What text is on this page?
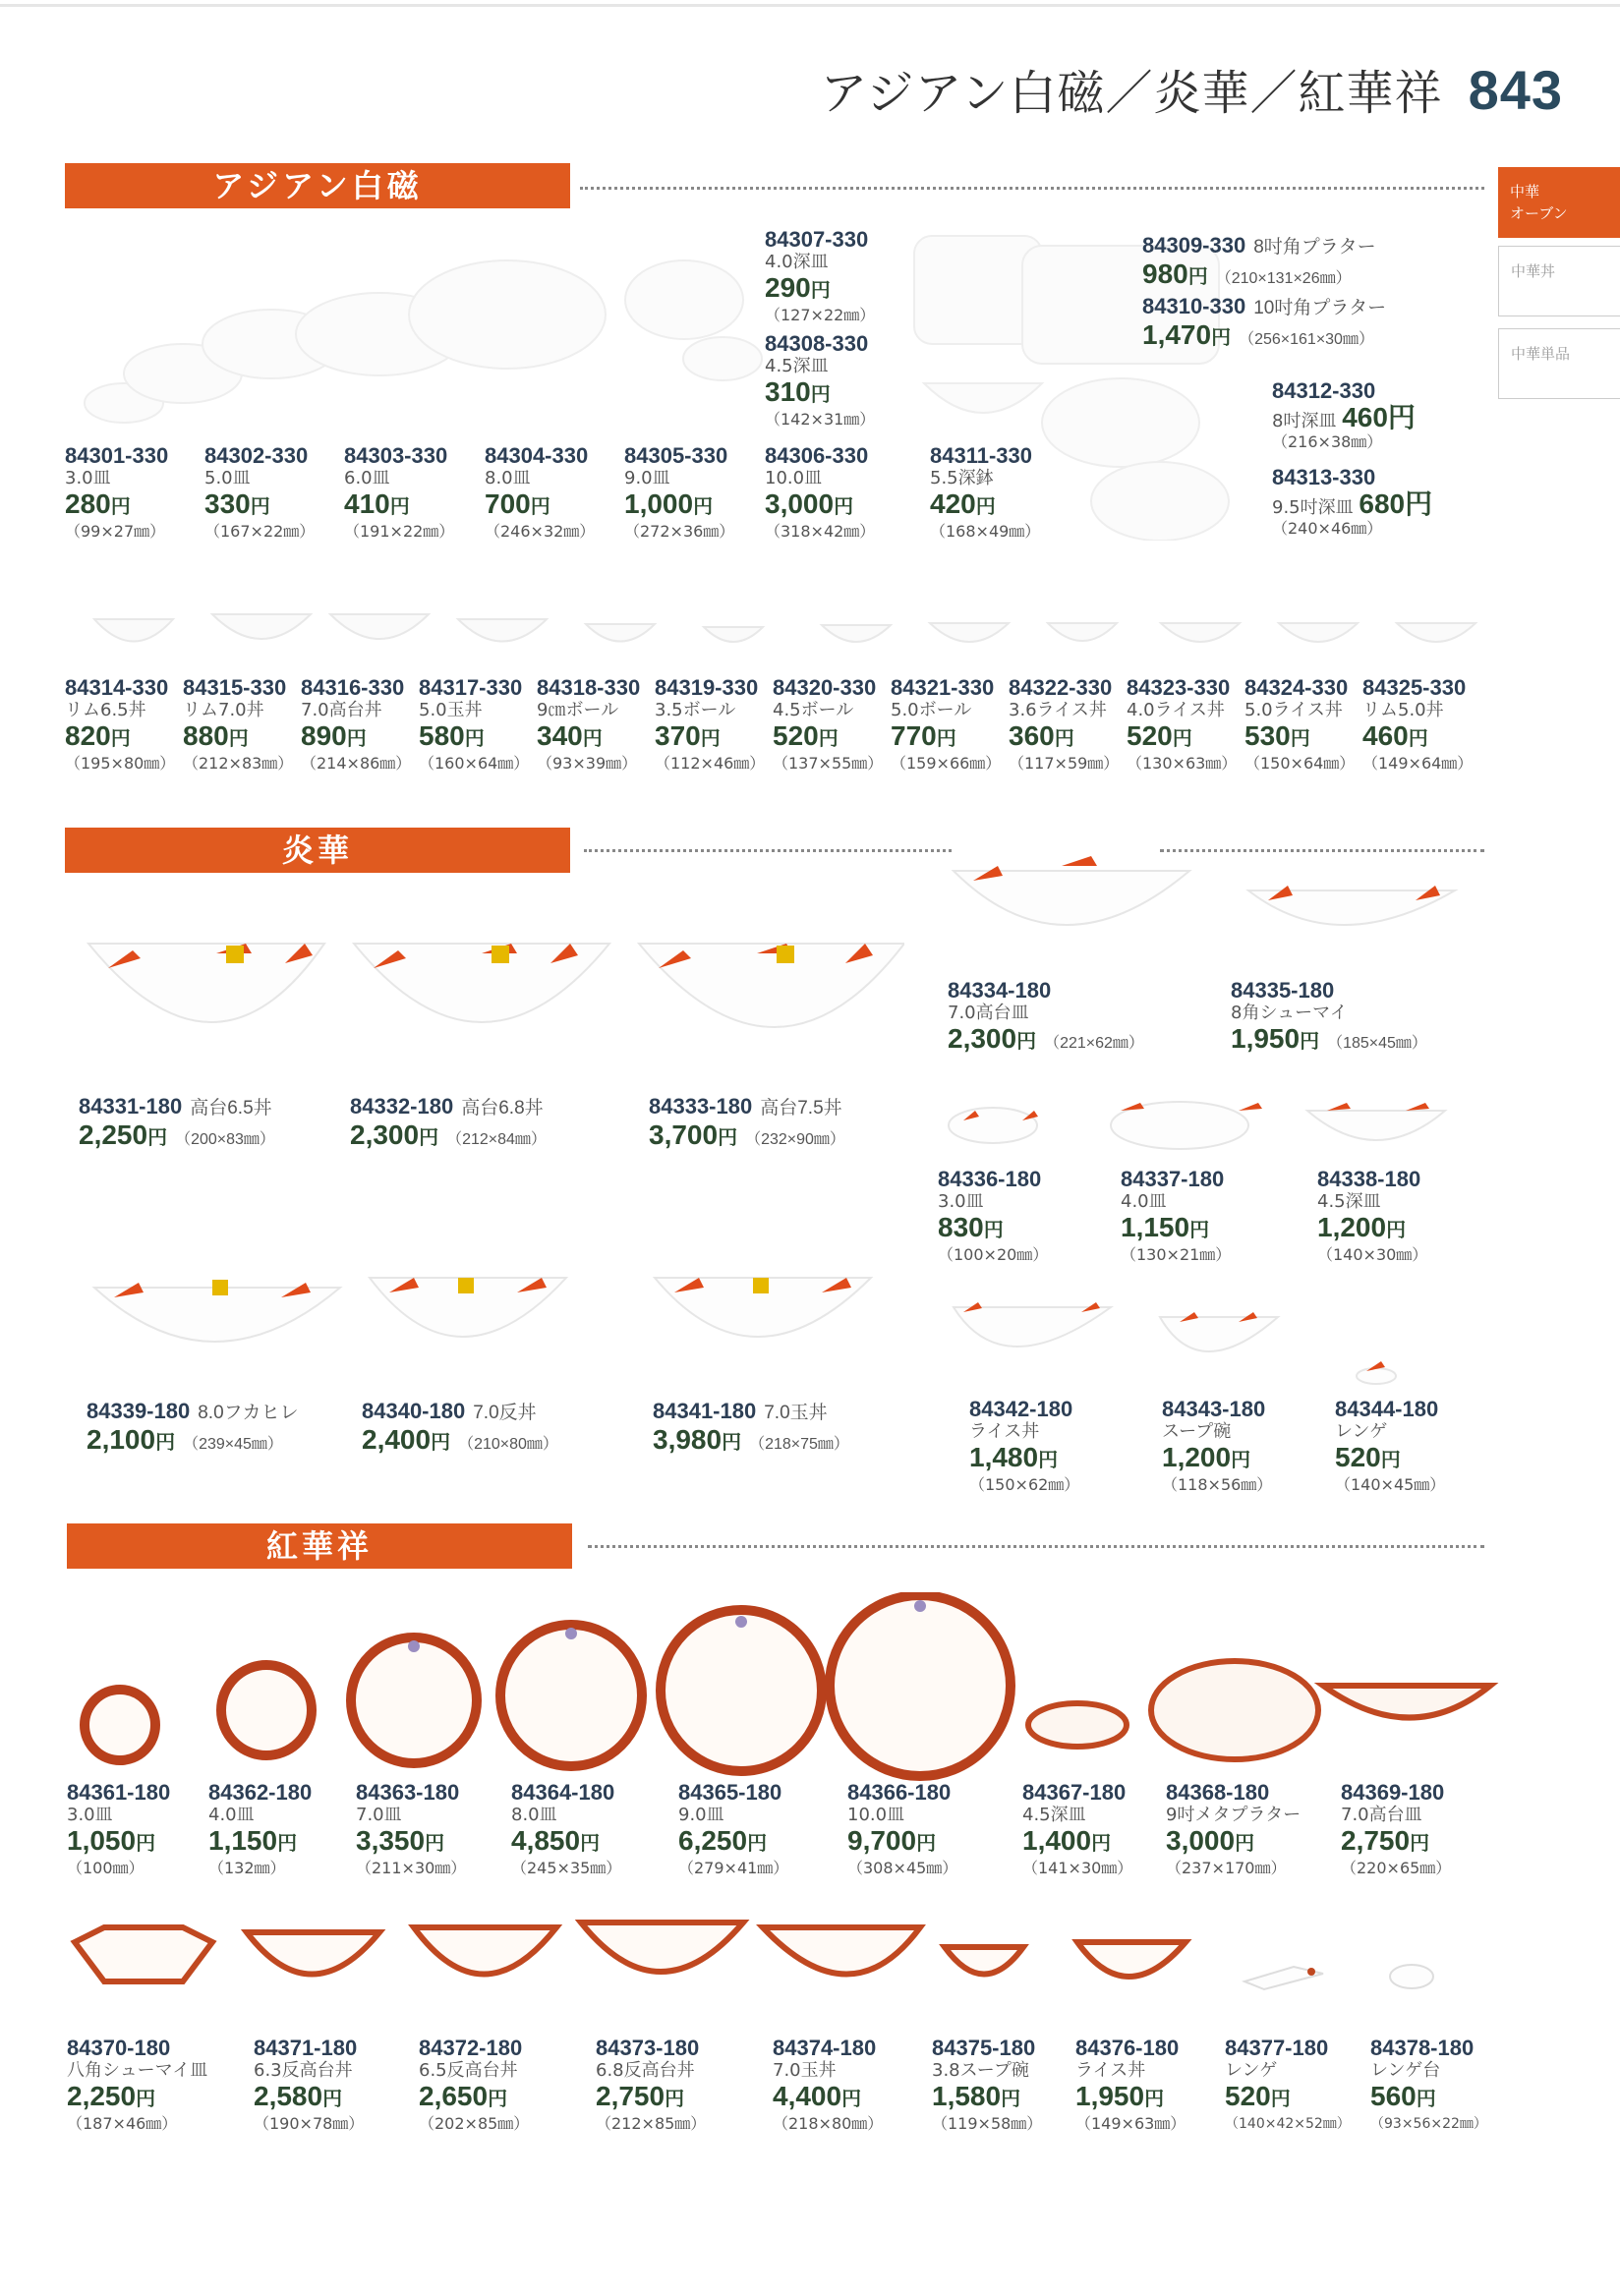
アジアン白磁／炎華／紅華祥 843
中華
オーブン
中華丼
中華単品
アジアン白磁
84301-330
3.0皿
280円
（99×27㎜）
84302-330
5.0皿
330円
（167×22㎜）
84303-330
6.0皿
410円
（191×22㎜）
84304-330
8.0皿
700円
（246×32㎜）
84305-330
9.0皿
1,000円
（272×36㎜）
84306-330
10.0皿
3,000円
（318×42㎜）
84307-330
4.0深皿
290円
（127×22㎜）
84308-330
4.5深皿
310円
（142×31㎜）
84311-330
5.5深鉢
420円
（168×49㎜）
84309-330 8吋角プラター
980円 （210×131×26㎜）
84310-330 10吋角プラター
1,470円 （256×161×30㎜）
84312-330
8吋深皿 460円
（216×38㎜）
84313-330
9.5吋深皿 680円
（240×46㎜）
84314-330
リム6.5丼
820円
（195×80㎜）
84315-330
リム7.0丼
880円
（212×83㎜）
84316-330
7.0高台丼
890円
（214×86㎜）
84317-330
5.0玉丼
580円
（160×64㎜）
84318-330
9㎝ボール
340円
（93×39㎜）
84319-330
3.5ボール
370円
（112×46㎜）
84320-330
4.5ボール
520円
（137×55㎜）
84321-330
5.0ボール
770円
（159×66㎜）
84322-330
3.6ライス丼
360円
（117×59㎜）
84323-330
4.0ライス丼
520円
（130×63㎜）
84324-330
5.0ライス丼
530円
（150×64㎜）
84325-330
リム5.0丼
460円
（149×64㎜）
炎華
84331-180 高台6.5丼
2,250円 （200×83㎜）
84332-180 高台6.8丼
2,300円 （212×84㎜）
84333-180 高台7.5丼
3,700円 （232×90㎜）
84334-180
7.0高台皿
2,300円 （221×62㎜）
84335-180
8角シューマイ
1,950円 （185×45㎜）
84336-180
3.0皿
830円
（100×20㎜）
84337-180
4.0皿
1,150円
（130×21㎜）
84338-180
4.5深皿
1,200円
（140×30㎜）
84339-180 8.0フカヒレ
2,100円 （239×45㎜）
84340-180 7.0反丼
2,400円 （210×80㎜）
84341-180 7.0玉丼
3,980円 （218×75㎜）
84342-180
ライス丼
1,480円
（150×62㎜）
84343-180
スープ碗
1,200円
（118×56㎜）
84344-180
レンゲ
520円
（140×45㎜）
紅華祥
84361-180
3.0皿
1,050円
（100㎜）
84362-180
4.0皿
1,150円
（132㎜）
84363-180
7.0皿
3,350円
（211×30㎜）
84364-180
8.0皿
4,850円
（245×35㎜）
84365-180
9.0皿
6,250円
（279×41㎜）
84366-180
10.0皿
9,700円
（308×45㎜）
84367-180
4.5深皿
1,400円
（141×30㎜）
84368-180
9吋メタプラター
3,000円
（237×170㎜）
84369-180
7.0高台皿
2,750円
（220×65㎜）
84370-180
八角シューマイ皿
2,250円
（187×46㎜）
84371-180
6.3反高台丼
2,580円
（190×78㎜）
84372-180
6.5反高台丼
2,650円
（202×85㎜）
84373-180
6.8反高台丼
2,750円
（212×85㎜）
84374-180
7.0玉丼
4,400円
（218×80㎜）
84375-180
3.8スープ碗
1,580円
（119×58㎜）
84376-180
ライス丼
1,950円
（149×63㎜）
84377-180
レンゲ
520円
（140×42×52㎜）
84378-180
レンゲ台
560円
（93×56×22㎜）
